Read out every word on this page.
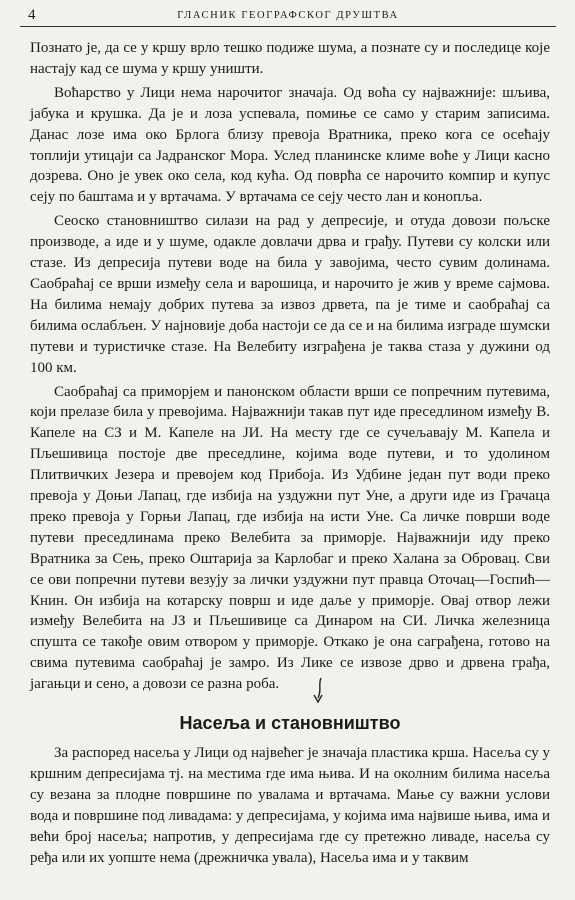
4	ГЛАСНИК ГЕОГРАФСКОГ ДРУШТВА

Познато је, да се у кршу врло тешко подиже шума, а познате су и последице које настају кад се шума у кршу уништи.

Воћарство у Лици нема нарочитог значаја. Од воћа су најважније: шљива, јабука и крушка. Да је и лоза успевала, помиње се само у старим записима. Данас лозе има око Брлога близу превоја Вратника, преко кога се осећају топлији утицаји са Јадранског Мора. Услед планинске климе воће у Лици касно дозрева. Оно је увек око села, код кућа. Од поврћа се нарочито компир и купус сеју по баштама и у вртачама. У вртачама се сеју често лан и конопља.

Сеоско становништво силази на рад у депресије, и отуда довози пољске производе, а иде и у шуме, одакле довлачи дрва и грађу. Путеви су колски или стазе. Из депресија путеви воде на била у завојима, често сувим долинама. Саобраћај се врши између села и варошица, и нарочито је жив у време сајмова. На билима немају добрих путева за извоз дрвета, па је тиме и саобраћај са билима ослабљен. У најновије доба настоји се да се и на билима изграде шумски путеви и туристичке стазе. На Велебиту изграђена је таква стаза у дужини од 100 км.

Саобраћај са приморјем и панонском области врши се попречним путевима, који прелазе била у превојима. Најважнији такав пут иде преседлином између В. Капеле на СЗ и М. Капеле на ЈИ. На месту где се сучељавају М. Капела и Пљешивица постоје две преседлине, којима воде путеви, и то удолином Плитвичких Језера и превојем код Прибоја. Из Удбине један пут води преко превоја у Доњи Лапац, где избија на уздужни пут Уне, а други иде из Грачаца преко превоја у Горњи Лапац, где избија на исти Уне. Са личке површи воде путеви преседлинама преко Велебита за приморје. Најважнији иду преко Вратника за Сењ, преко Оштарија за Карлобаг и преко Халана за Обровац. Сви се ови попречни путеви везују за лички уздужни пут правца Оточац—Госпић—Книн. Он избија на котарску површ и иде даље у приморје. Овај отвор лежи између Велебита на ЈЗ и Пљешивице са Динаром на СИ. Личка железница спушта се такође овим отвором у приморје. Откако је она саграђена, готово на свима путевима саобраћај је замро. Из Лике се извозе дрво и дрвена грађа, јагањци и сено, а довози се разна роба.

Насеља и становништво

За распоред насеља у Лици од највећег је значаја пластика крша. Насеља су у кршним депресијама тј. на местима где има њива. И на околним билима насеља су везана за плодне површине по увалама и вртачама. Мање су важни услови вода и површине под ливадама: у депресијама, у којима има највише њива, има и већи број насеља; напротив, у депресијама где су претежно ливаде, насеља су ређа или их уопште нема (дрежничка увала), Насеља има и у таквим
